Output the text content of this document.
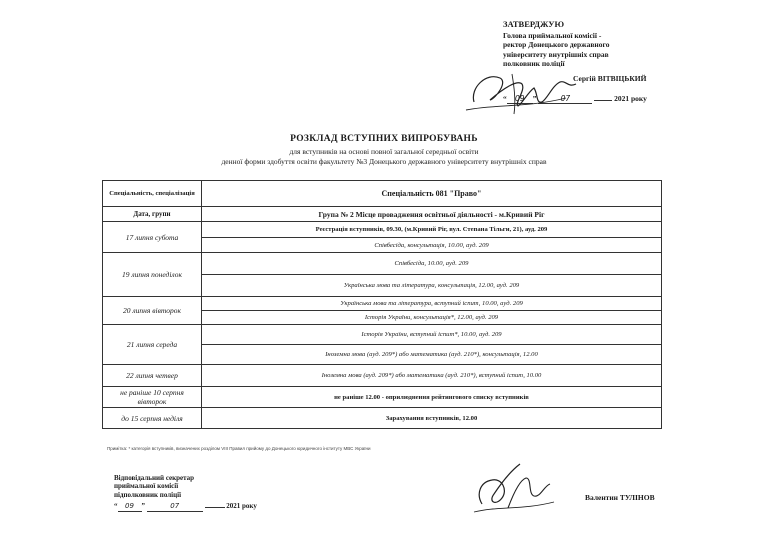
ЗАТВЕРДЖУЮ
Голова приймальної комісії -
ректор Донецького державного
університету внутрішніх справ
полковник поліції
Сергій ВІТВІЦЬКИЙ
“ 09 ”	07	2021 року
РОЗКЛАД ВСТУПНИХ ВИПРОБУВАНЬ
для вступників на основі повної загальної середньої освіти
денної форми здобуття освіти факультету №3 Донецького державного університету внутрішніх справ
Спеціальність, спеціалізація	Спеціальність 081 "Право"
Дата, групи	Група № 2 Місце провадження освітньої діяльності - м.Кривий Ріг
17 липня субота	Реєстрація вступників, 09.30, (м.Кривий Ріг, вул. Степана Тільги, 21), ауд. 209
	Співбесіда, консультація, 10.00, ауд. 209
19 липня понеділок	Співбесіда, 10.00, ауд. 209
	Українська мова та література, консультація, 12.00, ауд. 209
20 липня вівторок	Українська мова та література, вступний іспит, 10.00, ауд. 209
	Історія України, консультація*, 12.00, ауд. 209
21 липня середа	Історія України, вступний іспит*, 10.00, ауд. 209
	Іноземна мова (ауд. 209*) або математика (ауд. 210*), консультація, 12.00
22 липня четвер	Іноземна мова (ауд. 209*) або математика (ауд. 210*), вступний іспит, 10.00
не раніше 10 серпня вівторок	не раніше 12.00 - оприлюднення рейтингового списку вступників
до 15 серпня неділя	Зарахування вступників, 12.00
Примітка: * категорія вступників, визначених розділом VIII Правил прийому до Донецького юридичного інституту МВС України
Відповідальний секретар
приймальної комісії
підполковник поліції
“ 09 ”	07	2021 року
Валентин ТУЛІНОВ
